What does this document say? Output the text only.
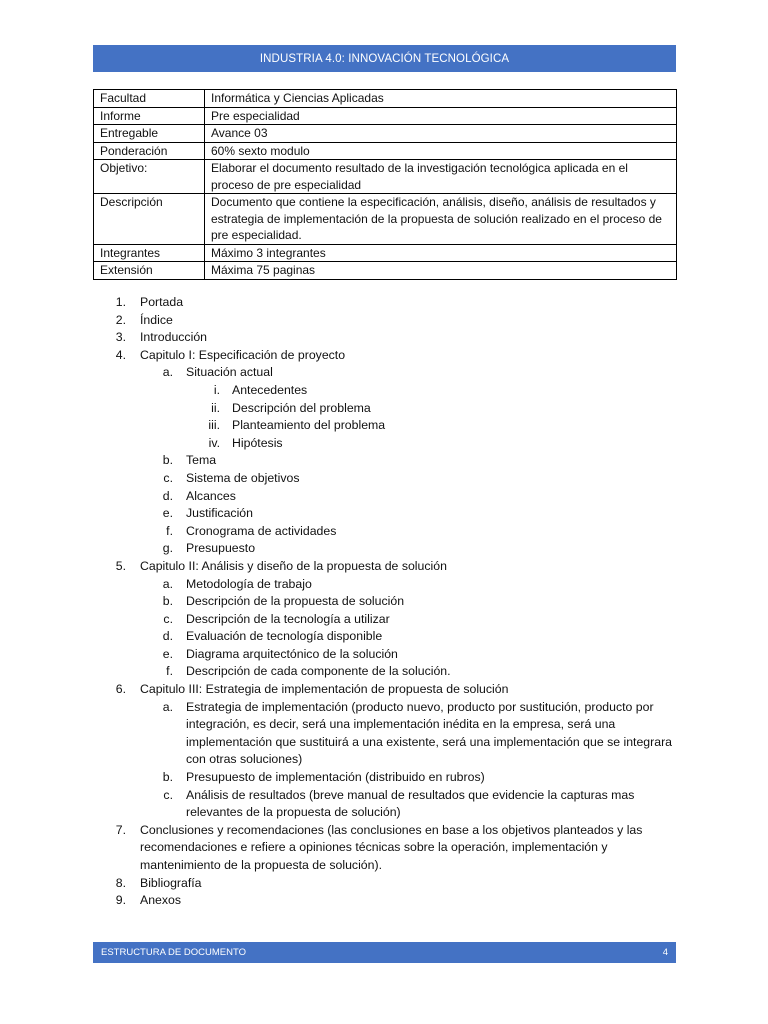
INDUSTRIA 4.0: INNOVACIÓN TECNOLÓGICA
Facultad	Informática y Ciencias Aplicadas
Informe	Pre especialidad
Entregable	Avance 03
Ponderación	60% sexto modulo
Objetivo:	Elaborar el documento resultado de la investigación tecnológica aplicada en el proceso de pre especialidad
Descripción	Documento que contiene la especificación, análisis, diseño, análisis de resultados y estrategia de implementación de la propuesta de solución realizado en el proceso de pre especialidad.
Integrantes	Máximo 3 integrantes
Extensión	Máxima 75 paginas
1. Portada
2. Índice
3. Introducción
4. Capitulo I: Especificación de proyecto
a. Situación actual
i. Antecedentes
ii. Descripción del problema
iii. Planteamiento del problema
iv. Hipótesis
b. Tema
c. Sistema de objetivos
d. Alcances
e. Justificación
f. Cronograma de actividades
g. Presupuesto
5. Capitulo II: Análisis y diseño de la propuesta de solución
a. Metodología de trabajo
b. Descripción de la propuesta de solución
c. Descripción de la tecnología a utilizar
d. Evaluación de tecnología disponible
e. Diagrama arquitectónico de la solución
f. Descripción de cada componente de la solución.
6. Capitulo III: Estrategia de implementación de propuesta de solución
a. Estrategia de implementación (producto nuevo, producto por sustitución, producto por integración, es decir, será una implementación inédita en la empresa, será una implementación que sustituirá a una existente, será una implementación que se integrara con otras soluciones)
b. Presupuesto de implementación (distribuido en rubros)
c. Análisis de resultados (breve manual de resultados que evidencie la capturas mas relevantes de la propuesta de solución)
7. Conclusiones y recomendaciones (las conclusiones en base a los objetivos planteados y las recomendaciones e refiere a opiniones técnicas sobre la operación, implementación y mantenimiento de la propuesta de solución).
8. Bibliografía
9. Anexos
ESTRUCTURA DE DOCUMENTO	4
